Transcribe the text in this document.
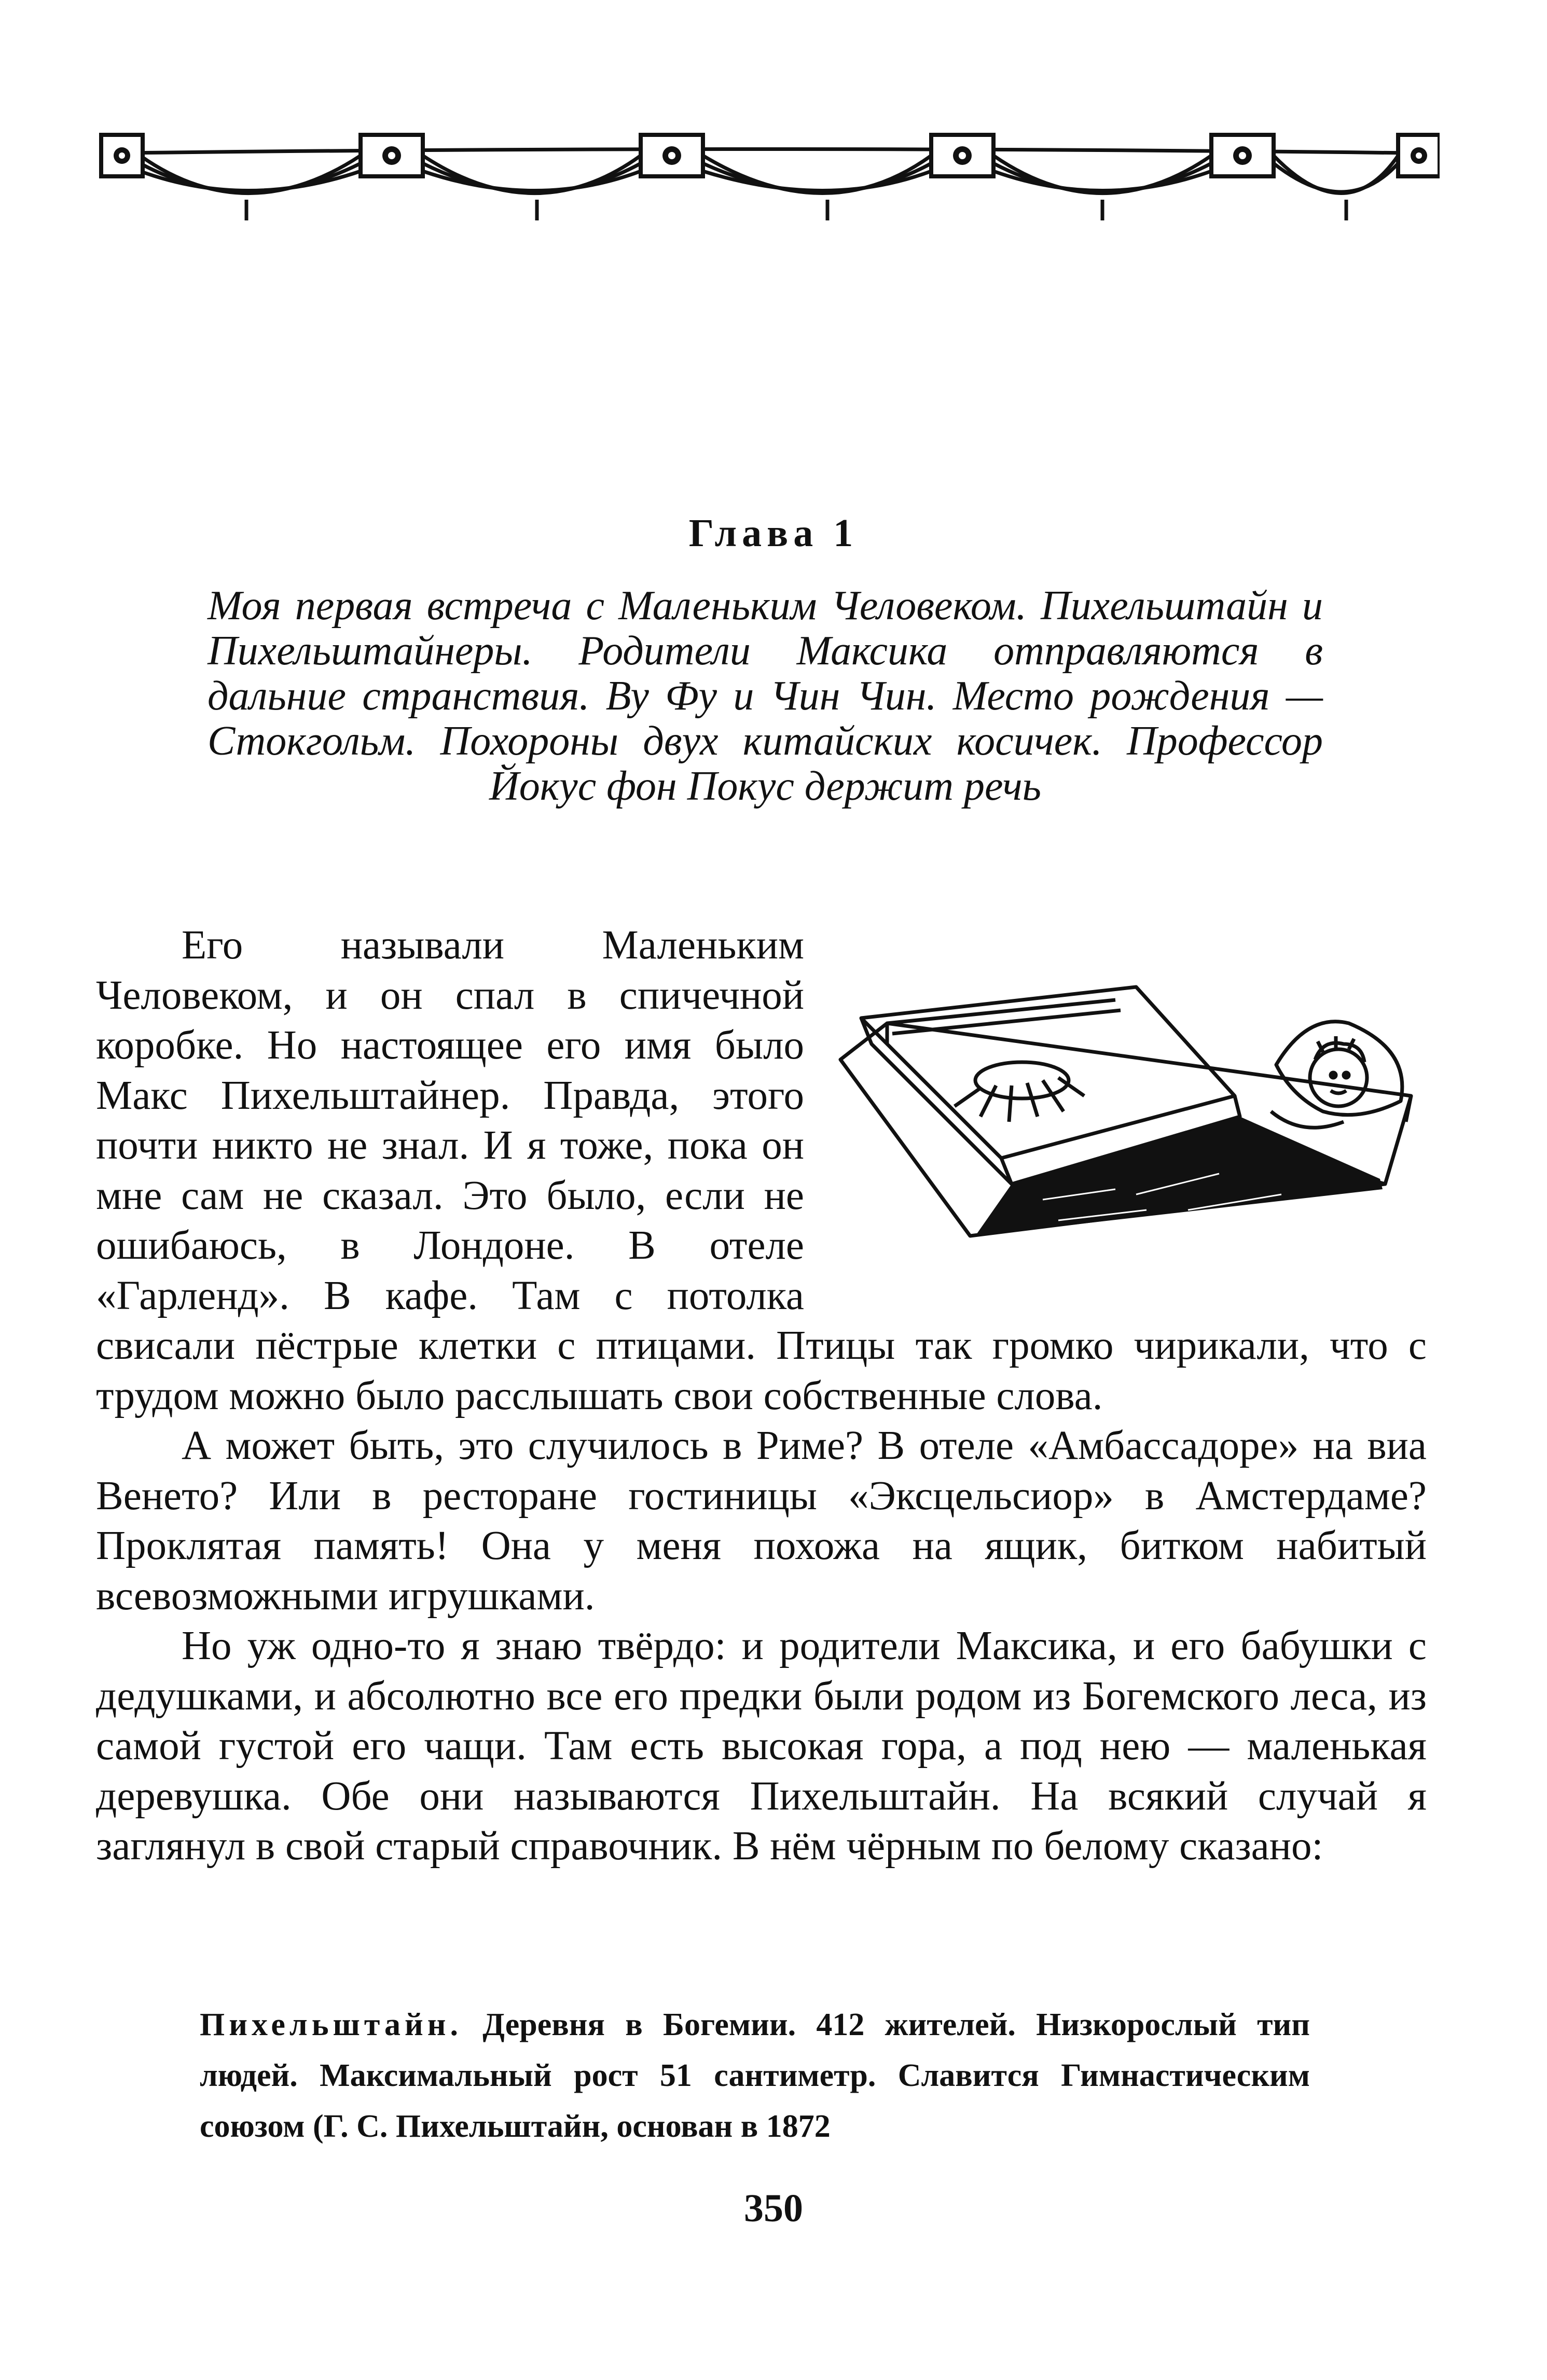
Глава 1
Моя первая встреча с Маленьким Человеком. Пихельштайн и Пихельштайнеры. Родители Максика отправляются в дальние странствия. Ву Фу и Чин Чин. Место рождения — Стокгольм. Похороны двух китайских косичек. Профессор Йокус фон Покус держит речь

Его называли Маленьким Человеком, и он спал в спичечной коробке. Но настоящее его имя было Макс Пихельштайнер. Правда, этого почти никто не знал. И я тоже, пока он мне сам не сказал. Это было, если не ошибаюсь, в Лондоне. В отеле «Гарленд». В кафе. Там с потолка свисали пёстрые клетки с птицами. Птицы так громко чирикали, что с трудом можно было расслышать свои собственные слова.

А может быть, это случилось в Риме? В отеле «Амбассадоре» на виа Венето? Или в ресторане гостиницы «Эксцельсиор» в Амстердаме? Проклятая память! Она у меня похожа на ящик, битком набитый всевозможными игрушками.

Но уж одно-то я знаю твёрдо: и родители Максика, и его бабушки с дедушками, и абсолютно все его предки были родом из Богемского леса, из самой густой его чащи. Там есть высокая гора, а под нею — маленькая деревушка. Обе они называются Пихельштайн. На всякий случай я заглянул в свой старый справочник. В нём чёрным по белому сказано:

Пихельштайн. Деревня в Богемии. 412 жителей. Низкорослый тип людей. Максимальный рост 51 сантиметр. Славится Гимнастическим союзом (Г. С. Пихельштайн, основан в 1872
350
